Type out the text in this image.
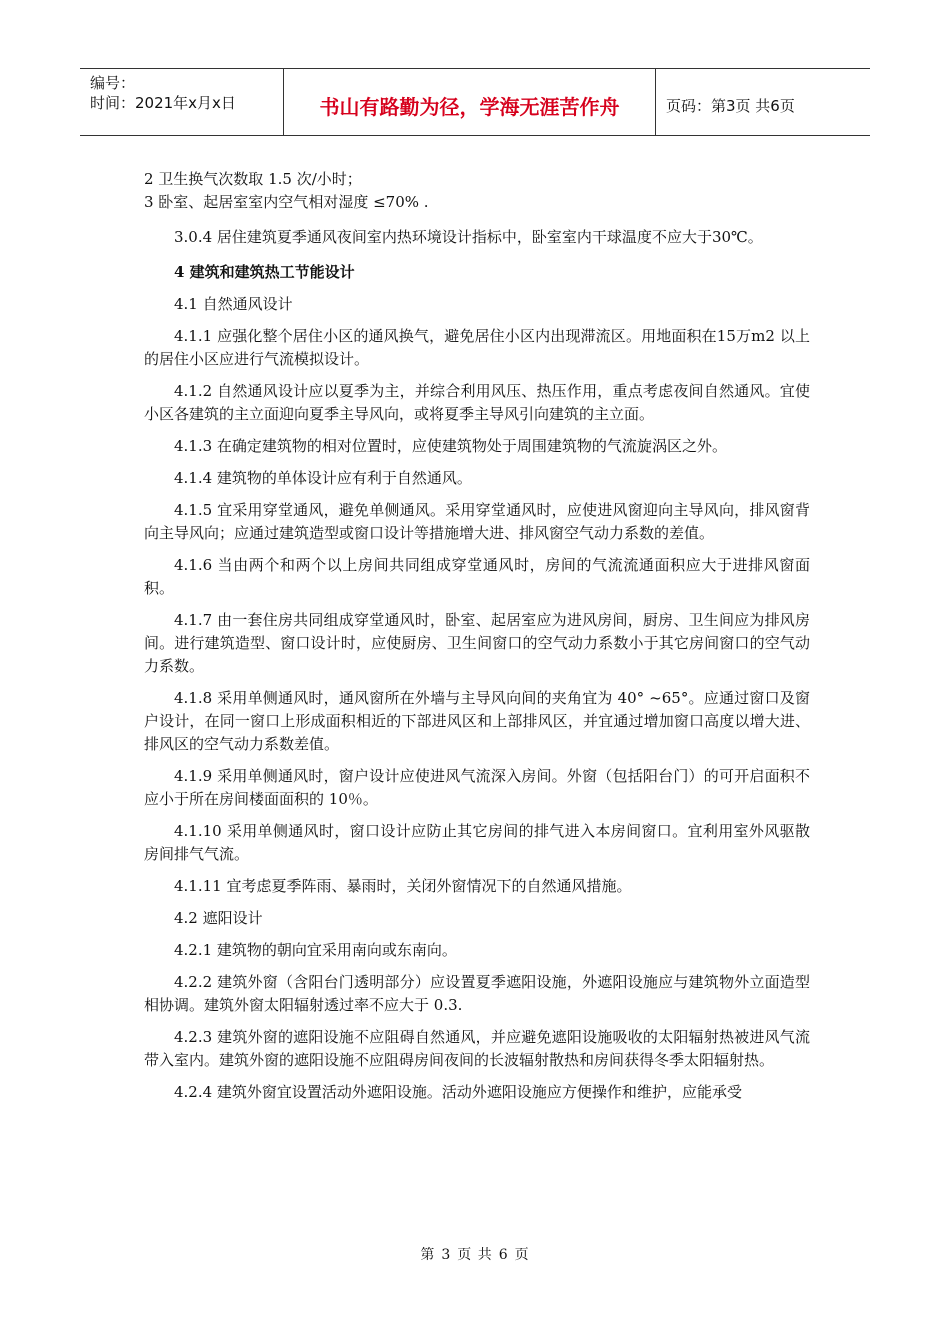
编号：
时间：2021年x月x日	书山有路勤为径，学海无涯苦作舟	页码：第3页 共6页

2 卫生换气次数取 1.5 次/小时；

3 卧室、起居室室内空气相对湿度 ≤70% .

3.0.4 居住建筑夏季通风夜间室内热环境设计指标中，卧室室内干球温度不应大于30℃。

4 建筑和建筑热工节能设计

4.1 自然通风设计

4.1.1 应强化整个居住小区的通风换气，避免居住小区内出现滞流区。用地面积在15万m2 以上的居住小区应进行气流模拟设计。

4.1.2 自然通风设计应以夏季为主，并综合利用风压、热压作用，重点考虑夜间自然通风。宜使小区各建筑的主立面迎向夏季主导风向，或将夏季主导风引向建筑的主立面。

4.1.3 在确定建筑物的相对位置时，应使建筑物处于周围建筑物的气流旋涡区之外。

4.1.4 建筑物的单体设计应有利于自然通风。

4.1.5 宜采用穿堂通风，避免单侧通风。采用穿堂通风时，应使进风窗迎向主导风向，排风窗背向主导风向；应通过建筑造型或窗口设计等措施增大进、排风窗空气动力系数的差值。

4.1.6 当由两个和两个以上房间共同组成穿堂通风时，房间的气流流通面积应大于进排风窗面积。

4.1.7 由一套住房共同组成穿堂通风时，卧室、起居室应为进风房间，厨房、卫生间应为排风房间。进行建筑造型、窗口设计时，应使厨房、卫生间窗口的空气动力系数小于其它房间窗口的空气动力系数。

4.1.8 采用单侧通风时，通风窗所在外墙与主导风向间的夹角宜为 40° ~65°。应通过窗口及窗户设计，在同一窗口上形成面积相近的下部进风区和上部排风区，并宜通过增加窗口高度以增大进、排风区的空气动力系数差值。

4.1.9 采用单侧通风时，窗户设计应使进风气流深入房间。外窗（包括阳台门）的可开启面积不应小于所在房间楼面面积的 10％。

4.1.10 采用单侧通风时，窗口设计应防止其它房间的排气进入本房间窗口。宜利用室外风驱散房间排气气流。

4.1.11 宜考虑夏季阵雨、暴雨时，关闭外窗情况下的自然通风措施。

4.2 遮阳设计

4.2.1 建筑物的朝向宜采用南向或东南向。

4.2.2 建筑外窗（含阳台门透明部分）应设置夏季遮阳设施，外遮阳设施应与建筑物外立面造型相协调。建筑外窗太阳辐射透过率不应大于 0.3.

4.2.3 建筑外窗的遮阳设施不应阻碍自然通风，并应避免遮阳设施吸收的太阳辐射热被进风气流带入室内。建筑外窗的遮阳设施不应阻碍房间夜间的长波辐射散热和房间获得冬季太阳辐射热。

4.2.4 建筑外窗宜设置活动外遮阳设施。活动外遮阳设施应方便操作和维护，应能承受

第 3 页 共 6 页
